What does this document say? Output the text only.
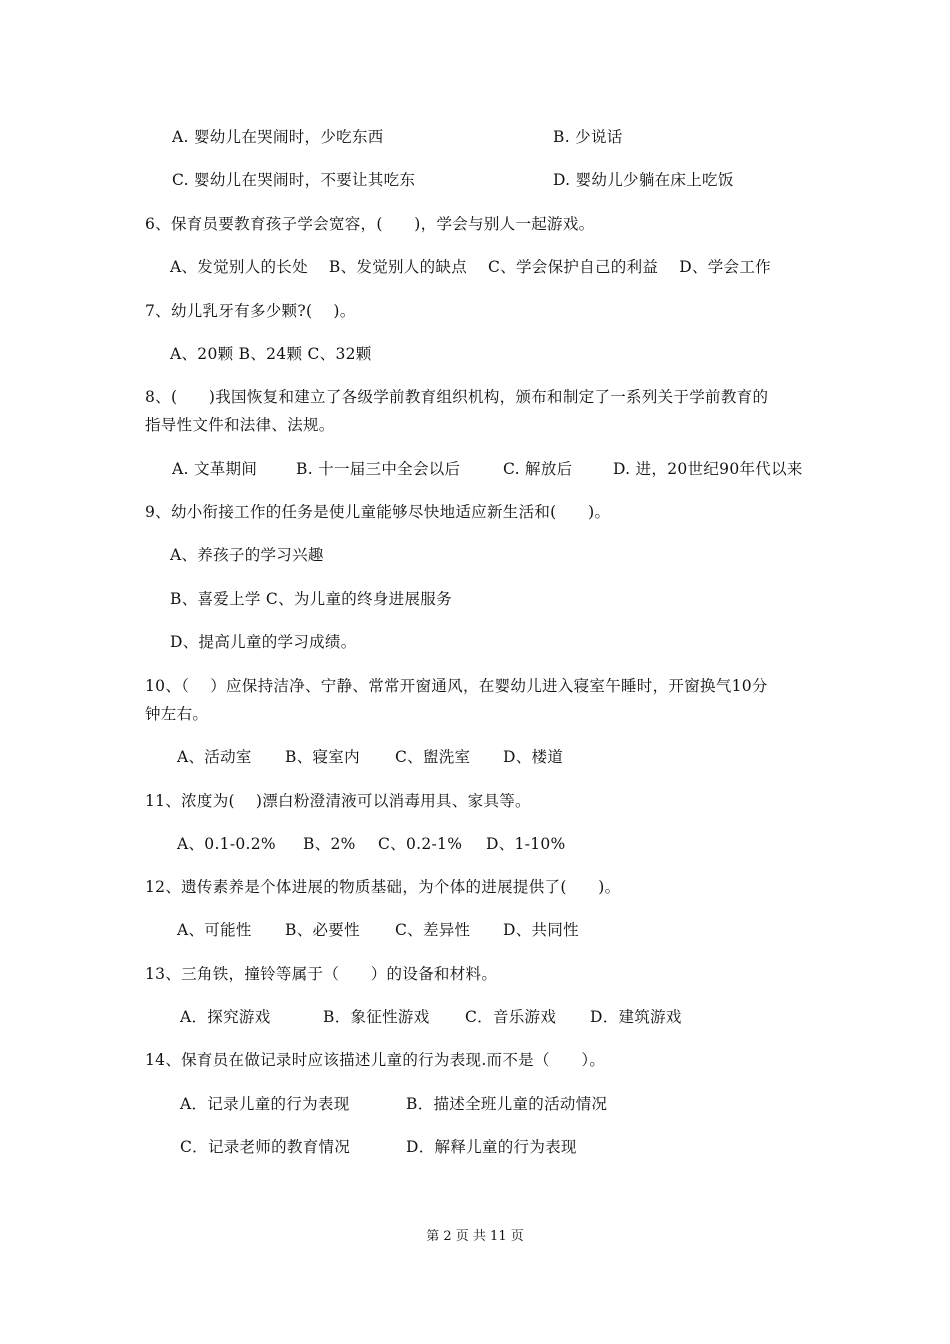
A. 婴幼儿在哭闹时，少吃东西	B. 少说话
C. 婴幼儿在哭闹时，不要让其吃东	D. 婴幼儿少躺在床上吃饭
6、保育员要教育孩子学会宽容，(　　)，学会与别人一起游戏。
A、发觉别人的长处　 B、发觉别人的缺点　 C、学会保护自己的利益　 D、学会工作
7、幼儿乳牙有多少颗?(　 )。
A、20颗 B、24颗 C、32颗
8、(　　)我国恢复和建立了各级学前教育组织机构，颁布和制定了一系列关于学前教育的
指导性文件和法律、法规。
A. 文革期间	B. 十一届三中全会以后	C. 解放后	D. 进，20世纪90年代以来
9、幼小衔接工作的任务是使儿童能够尽快地适应新生活和(　　)。
A、养孩子的学习兴趣
B、喜爱上学 C、为儿童的终身进展服务
D、提高儿童的学习成绩。
10、（　 ）应保持洁净、宁静、常常开窗通风，在婴幼儿进入寝室午睡时，开窗换气10分
钟左右。
A、活动室 B、寝室内 C、盥洗室 D、楼道
11、浓度为(　 )漂白粉澄清液可以消毒用具、家具等。
A、0.1-0.2% B、2% C、0.2-1% D、1-10%
12、遗传素养是个体进展的物质基础，为个体的进展提供了(　　)。
A、可能性 B、必要性 C、差异性 D、共同性
13、三角铁，撞铃等属于（　　）的设备和材料。
A．探究游戏	B．象征性游戏 C．音乐游戏 D．建筑游戏
14、保育员在做记录时应该描述儿童的行为表现.而不是（　　）。
A．记录儿童的行为表现	B．描述全班儿童的活动情况
C．记录老师的教育情况	D．解释儿童的行为表现
第 2 页 共 11 页
